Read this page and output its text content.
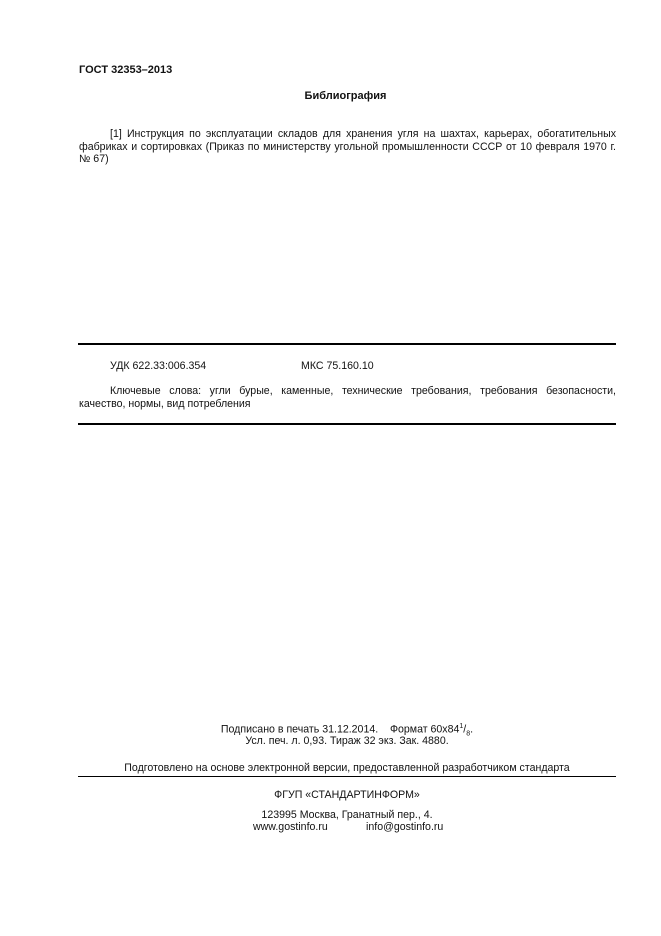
ГОСТ 32353–2013
Библиография
[1] Инструкция по эксплуатации складов для хранения угля на шахтах, карьерах, обогатительных фабриках и сортировках (Приказ по министерству угольной промышленности СССР от 10 февраля 1970 г. № 67)
УДК 622.33:006.354	МКС 75.160.10
Ключевые слова: угли бурые, каменные, технические требования, требования безопасности, качество, нормы, вид потребления
Подписано в печать 31.12.2014.    Формат $60x84^1/_8$.
Усл. печ. л. 0,93. Тираж 32 экз. Зак. 4880.
Подготовлено на основе электронной версии, предоставленной разработчиком стандарта
ФГУП «СТАНДАРТИНФОРМ»
123995 Москва, Гранатный пер., 4.
www.gostinfo.ru	info@gostinfo.ru
